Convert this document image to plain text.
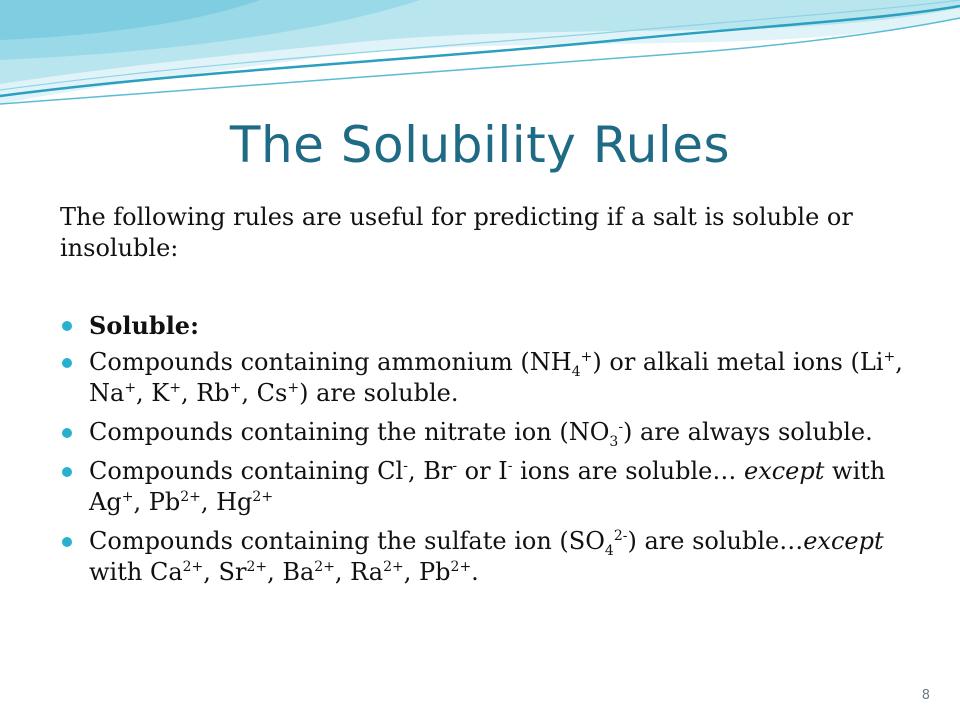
The Solubility Rules

The following rules are useful for predicting if a salt is soluble or insoluble:

Soluble:
Compounds containing ammonium $(NH_4^+)$ or alkali metal ions (Li+, Na+, K+, Rb+, Cs+) are soluble.
Compounds containing the nitrate ion $(NO_3^-)$ are always soluble.
Compounds containing Cl-, Br- or I- ions are soluble… except with Ag+, $Pb^{2+}$, $Hg^{2+}$
Compounds containing the sulfate ion $(SO_4^{2-})$ are soluble…except with $Ca^{2+}$, $Sr^{2+}$, $Ba^{2+}$, $Ra^{2+}$, $Pb^{2+}$.
8
